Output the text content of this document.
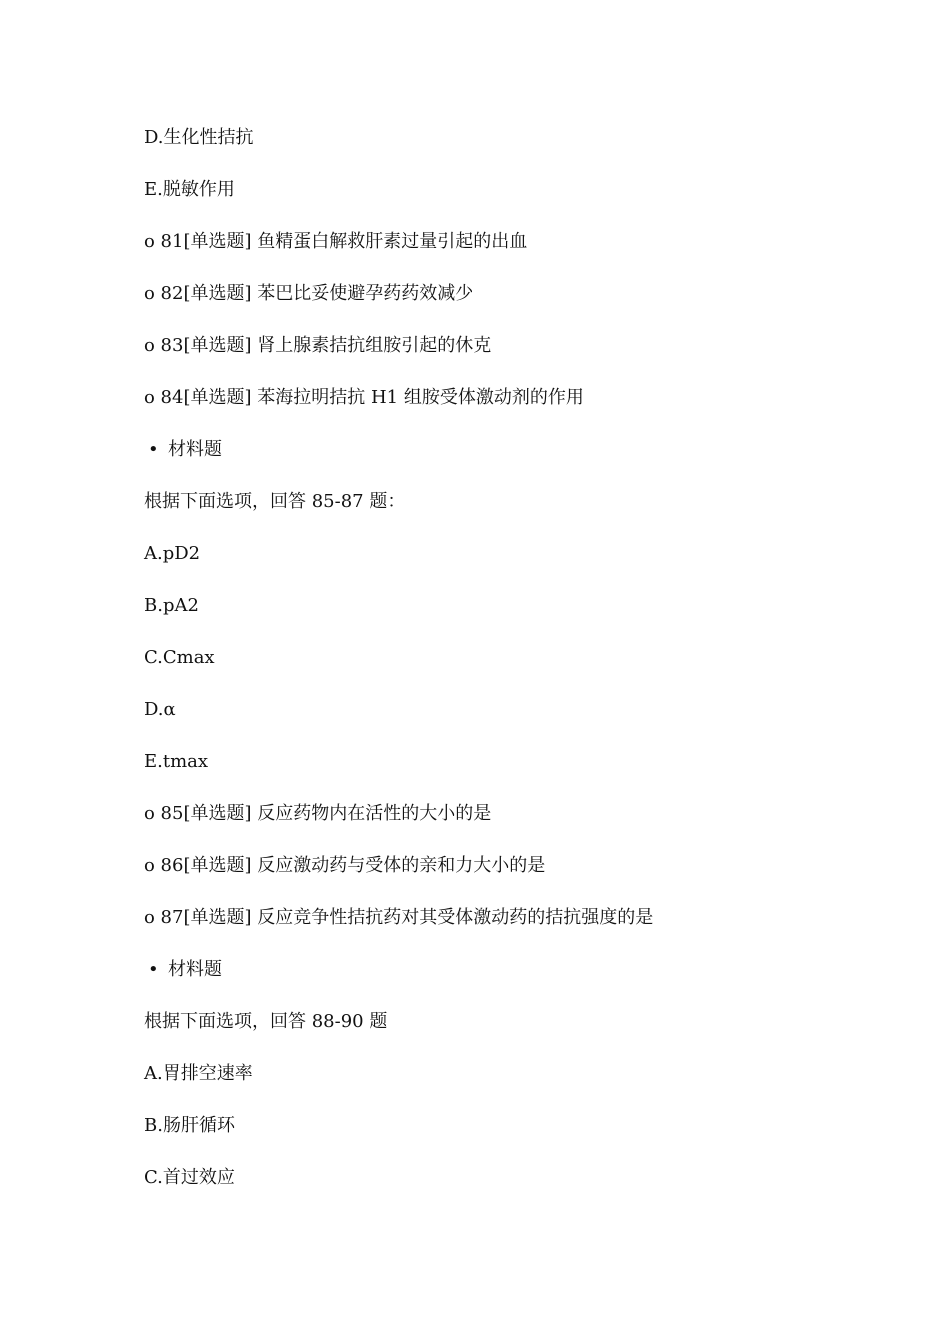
D.生化性拮抗
E.脱敏作用
o 81[单选题] 鱼精蛋白解救肝素过量引起的出血
o 82[单选题] 苯巴比妥使避孕药药效减少
o 83[单选题] 肾上腺素拮抗组胺引起的休克
o 84[单选题] 苯海拉明拮抗 H1 组胺受体激动剂的作用
• 材料题
根据下面选项，回答 85-87 题：
A.pD2
B.pA2
C.Cmax
D.α
E.tmax
o 85[单选题] 反应药物内在活性的大小的是
o 86[单选题] 反应激动药与受体的亲和力大小的是
o 87[单选题] 反应竞争性拮抗药对其受体激动药的拮抗强度的是
• 材料题
根据下面选项，回答 88-90 题
A.胃排空速率
B.肠肝循环
C.首过效应
